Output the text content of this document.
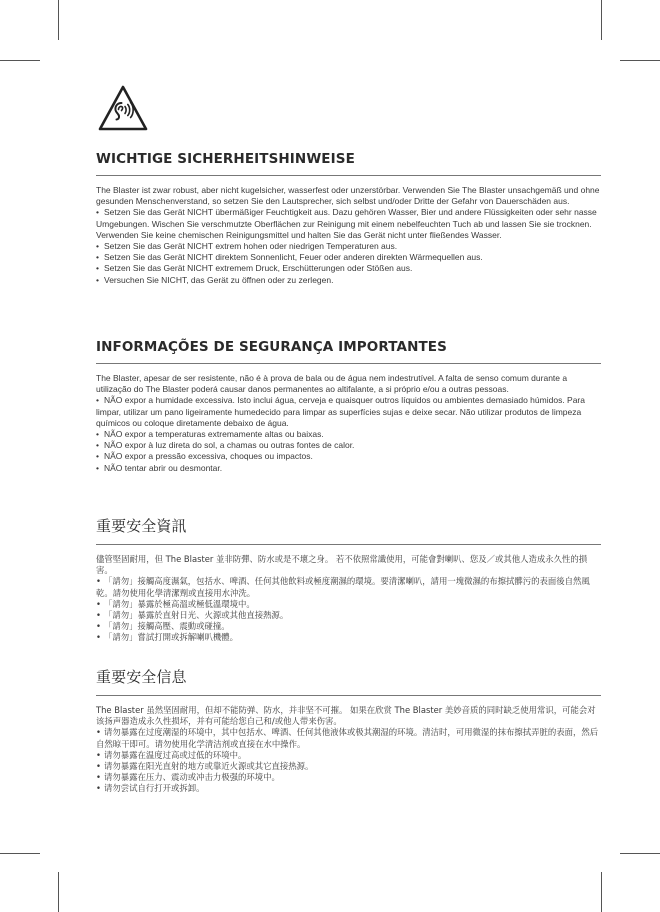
WICHTIGE SICHERHEITSHINWEISE

The Blaster ist zwar robust, aber nicht kugelsicher, wasserfest oder unzerstörbar. Verwenden Sie The Blaster unsachgemäß und ohne gesunden Menschenverstand, so setzen Sie den Lautsprecher, sich selbst und/oder Dritte der Gefahr von Dauerschäden aus.

• Setzen Sie das Gerät NICHT übermäßiger Feuchtigkeit aus. Dazu gehören Wasser, Bier und andere Flüssigkeiten oder sehr nasse Umgebungen. Wischen Sie verschmutzte Oberflächen zur Reinigung mit einem nebelfeuchten Tuch ab und lassen Sie sie trocknen. Verwenden Sie keine chemischen Reinigungsmittel und halten Sie das Gerät nicht unter fließendes Wasser.

• Setzen Sie das Gerät NICHT extrem hohen oder niedrigen Temperaturen aus.

• Setzen Sie das Gerät NICHT direktem Sonnenlicht, Feuer oder anderen direkten Wärmequellen aus.

• Setzen Sie das Gerät NICHT extremem Druck, Erschütterungen oder Stößen aus.

• Versuchen Sie NICHT, das Gerät zu öffnen oder zu zerlegen.

INFORMAÇÕES DE SEGURANÇA IMPORTANTES

The Blaster, apesar de ser resistente, não é à prova de bala ou de água nem indestrutível. A falta de senso comum durante a utilização do The Blaster poderá causar danos permanentes ao altifalante, a si próprio e/ou a outras pessoas.

• NÃO expor a humidade excessiva. Isto inclui água, cerveja e quaisquer outros líquidos ou ambientes demasiado húmidos. Para limpar, utilizar um pano ligeiramente humedecido para limpar as superfícies sujas e deixe secar. Não utilizar produtos de limpeza químicos ou coloque diretamente debaixo de água.

• NÃO expor a temperaturas extremamente altas ou baixas.

• NÃO expor à luz direta do sol, a chamas ou outras fontes de calor.

• NÃO expor a pressão excessiva, choques ou impactos.

• NÃO tentar abrir ou desmontar.

重要安全資訊

儘管堅固耐用，但 The Blaster 並非防彈、防水或是不壞之身。 若不依照常識使用，可能會對喇叭、您及／或其他人造成永久性的損害。

• 「請勿」接觸高度濕氣，包括水、啤酒、任何其他飲料或極度潮濕的環境。要清潔喇叭，請用一塊微濕的布擦拭髒污的表面後自然風乾。請勿使用化學清潔劑或直接用水沖洗。

• 「請勿」暴露於極高溫或極低溫環境中。

• 「請勿」暴露於直射日光、火源或其他直接熱源。

• 「請勿」接觸高壓、震動或碰撞。

• 「請勿」嘗試打開或拆解喇叭機體。

重要安全信息

The Blaster 虽然坚固耐用，但却不能防弹、防水，并非坚不可摧。 如果在欣赏 The Blaster 美妙音质的同时缺乏使用常识，可能会对该扬声器造成永久性损坏，并有可能给您自己和/或他人带来伤害。

• 请勿暴露在过度潮湿的环境中，其中包括水、啤酒、任何其他液体或极其潮湿的环境。清洁时，可用微湿的抹布擦拭弄脏的表面，然后自然晾干即可。请勿使用化学清洁剂或直接在水中操作。

• 请勿暴露在温度过高或过低的环境中。

• 请勿暴露在阳光直射的地方或靠近火源或其它直接热源。

• 请勿暴露在压力、震动或冲击力极强的环境中。

• 请勿尝试自行打开或拆卸。
